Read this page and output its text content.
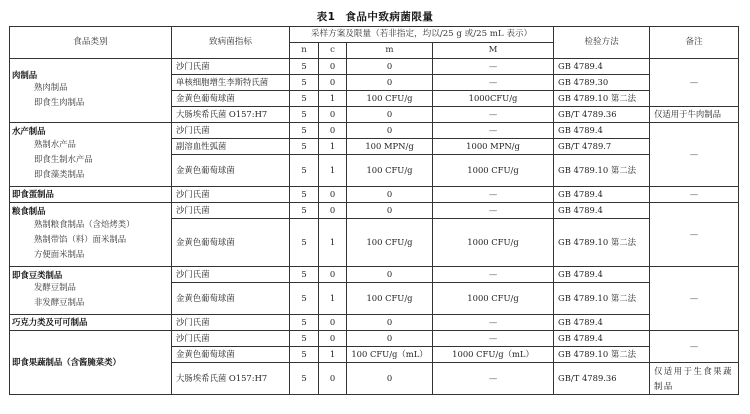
表1 食品中致病菌限量
食品类别	致病菌指标	采样方案及限量（若非指定，均以/25 g 或/25 mL 表示）				检验方法	备注
		n	c	m	M		

肉制品
熟肉制品
即食生肉制品	沙门氏菌	5	0	0	—	GB 4789.4	—
	单核细胞增生李斯特氏菌	5	0	0	—	GB 4789.30	
	金黄色葡萄球菌	5	1	100 CFU/g	1000CFU/g	GB 4789.10 第二法	
	大肠埃希氏菌 O157:H7	5	0	0	—	GB/T 4789.36	仅适用于牛肉制品

水产制品
熟制水产品
即食生制水产品
即食藻类制品	沙门氏菌	5	0	0	—	GB 4789.4	—
	副溶血性弧菌	5	1	100 MPN/g	1000 MPN/g	GB/T 4789.7	
	金黄色葡萄球菌	5	1	100 CFU/g	1000 CFU/g	GB 4789.10 第二法	

即食蛋制品	沙门氏菌	5	0	0	—	GB 4789.4	—

粮食制品
熟制粮食制品（含焙烤类）
熟制带馅（料）面米制品
方便面米制品	沙门氏菌	5	0	0	—	GB 4789.4	—
	金黄色葡萄球菌	5	1	100 CFU/g	1000 CFU/g	GB 4789.10 第二法	

即食豆类制品
发酵豆制品
非发酵豆制品	沙门氏菌	5	0	0	—	GB 4789.4	—
	金黄色葡萄球菌	5	1	100 CFU/g	1000 CFU/g	GB 4789.10 第二法	

巧克力类及可可制品	沙门氏菌	5	0	0	—	GB 4789.4	

即食果蔬制品（含酱腌菜类）	沙门氏菌	5	0	0	—	GB 4789.4	—
	金黄色葡萄球菌	5	1	100 CFU/g（mL）	1000 CFU/g（mL）	GB 4789.10 第二法	
	大肠埃希氏菌 O157:H7	5	0	0	—	GB/T 4789.36	仅适用于生食果蔬制品
